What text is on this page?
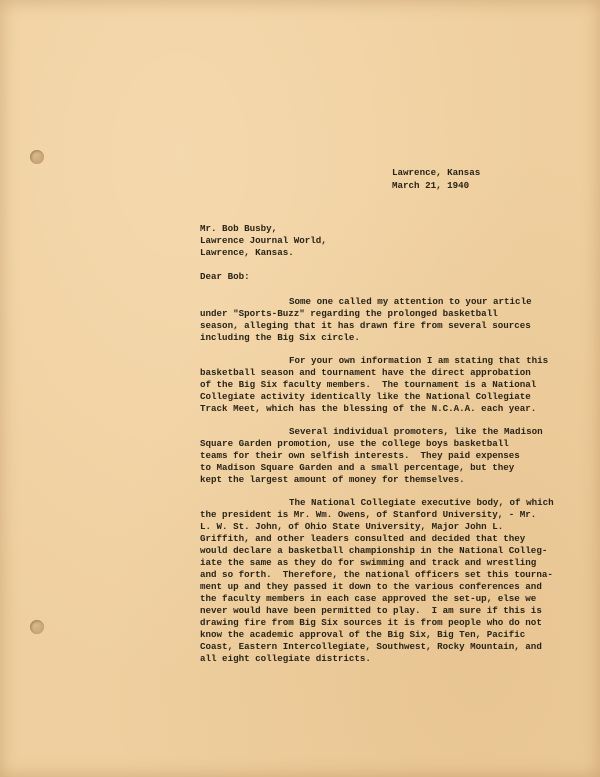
Lawrence, Kansas
March 21, 1940
Mr. Bob Busby,
Lawrence Journal World,
Lawrence, Kansas.
Dear Bob:
Some one called my attention to your article
under "Sports-Buzz" regarding the prolonged basketball
season, alleging that it has drawn fire from several sources
including the Big Six circle.
For your own information I am stating that this
basketball season and tournament have the direct approbation
of the Big Six faculty members.  The tournament is a National
Collegiate activity identically like the National Collegiate
Track Meet, which has the blessing of the N.C.A.A. each year.
Several individual promoters, like the Madison
Square Garden promotion, use the college boys basketball
teams for their own selfish interests.  They paid expenses
to Madison Square Garden and a small percentage, but they
kept the largest amount of money for themselves.
The National Collegiate executive body, of which
the president is Mr. Wm. Owens, of Stanford University, - Mr.
L. W. St. John, of Ohio State University, Major John L.
Griffith, and other leaders consulted and decided that they
would declare a basketball championship in the National Colleg-
iate the same as they do for swimming and track and wrestling
and so forth.  Therefore, the national officers set this tourna-
ment up and they passed it down to the various conferences and
the faculty members in each case approved the set-up, else we
never would have been permitted to play.  I am sure if this is
drawing fire from Big Six sources it is from people who do not
know the academic approval of the Big Six, Big Ten, Pacific
Coast, Eastern Intercollegiate, Southwest, Rocky Mountain, and
all eight collegiate districts.
